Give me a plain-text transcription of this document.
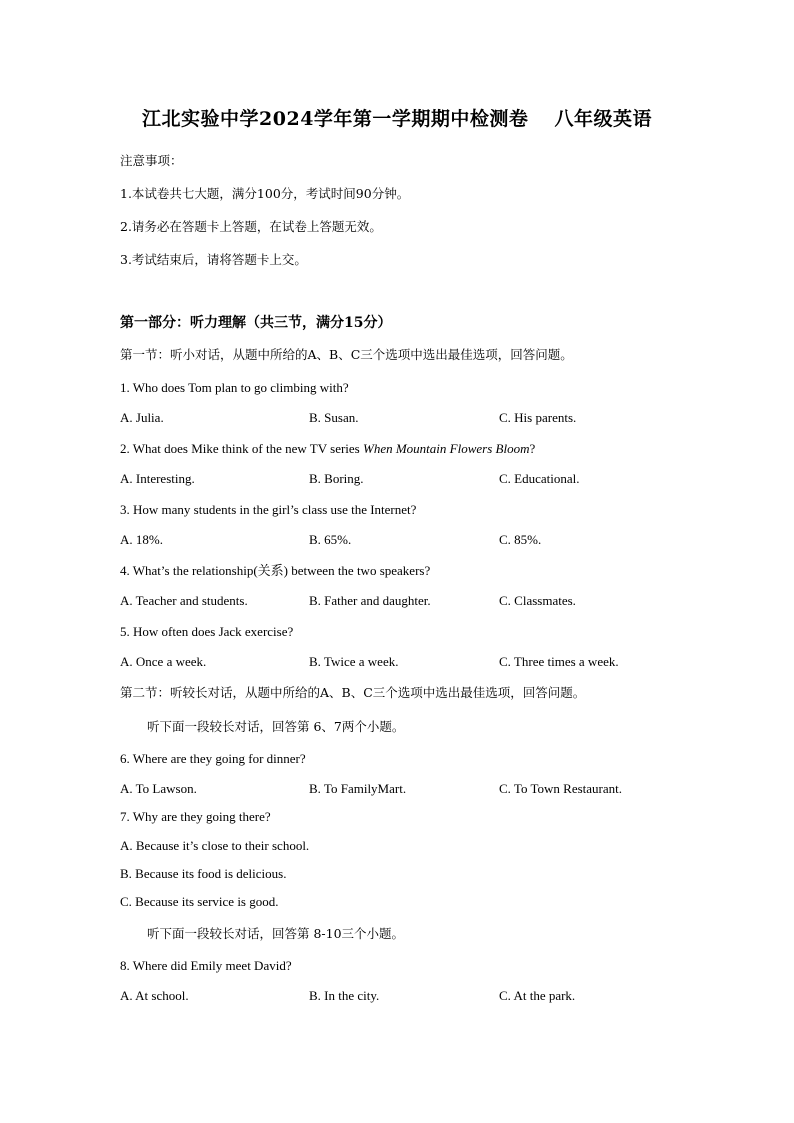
江北实验中学2024学年第一学期期中检测卷 八年级英语
注意事项：
1.本试卷共七大题，满分100分，考试时间90分钟。
2.请务必在答题卡上答题，在试卷上答题无效。
3.考试结束后，请将答题卡上交。
第一部分：听力理解（共三节，满分15分）
第一节：听小对话，从题中所给的A、B、C三个选项中选出最佳选项，回答问题。
1. Who does Tom plan to go climbing with?
A. Julia.	B. Susan.	C. His parents.
2. What does Mike think of the new TV series When Mountain Flowers Bloom?
A. Interesting.	B. Boring.	C. Educational.
3. How many students in the girl’s class use the Internet?
A. 18%.	B. 65%.	C. 85%.
4. What’s the relationship(关系) between the two speakers?
A. Teacher and students.	B. Father and daughter.	C. Classmates.
5. How often does Jack exercise?
A. Once a week.	B. Twice a week.	C. Three times a week.
第二节：听较长对话，从题中所给的A、B、C三个选项中选出最佳选项，回答问题。
听下面一段较长对话，回答第 6、7两个小题。
6. Where are they going for dinner?
A. To Lawson.	B. To FamilyMart.	C. To Town Restaurant.
7. Why are they going there?
A. Because it’s close to their school.
B. Because its food is delicious.
C. Because its service is good.
听下面一段较长对话，回答第 8-10三个小题。
8. Where did Emily meet David?
A. At school.	B. In the city.	C. At the park.
